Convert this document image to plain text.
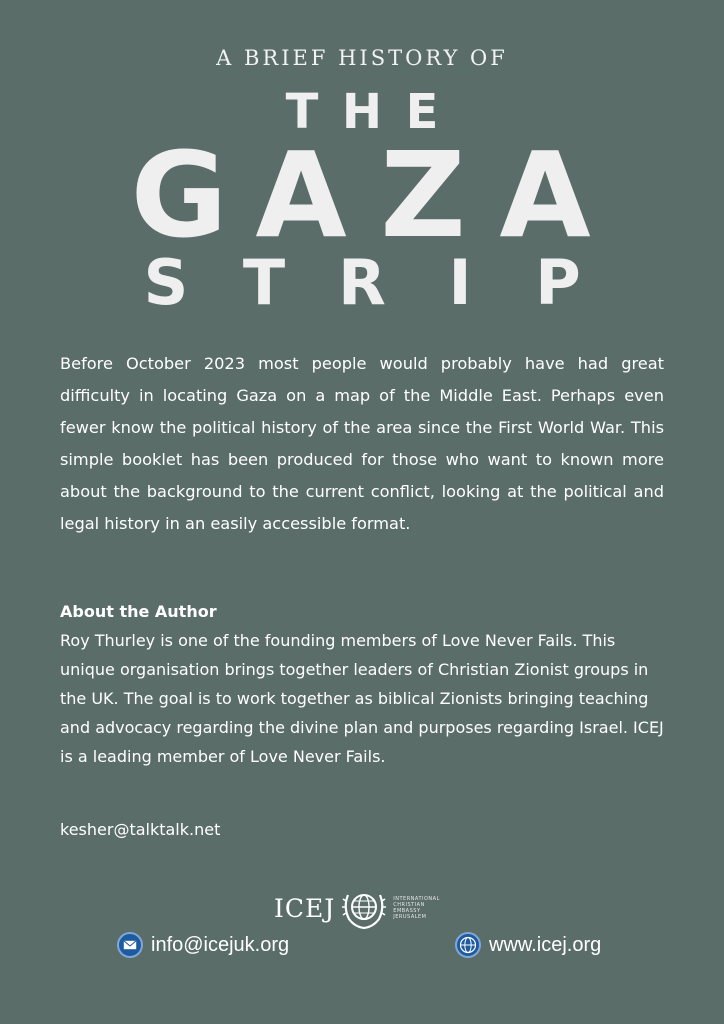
A BRIEF HISTORY OF
T H E
G A Z A
S T R	I	P

Before October 2023 most people would probably have had great difficulty in locating Gaza on a map of the Middle East. Perhaps even fewer know the political history of the area since the First World War. This simple booklet has been produced for those who want to known more about the background to the current conflict, looking at the political and legal history in an easily accessible format.

About the Author

Roy Thurley is one of the founding members of Love Never Fails. This unique organisation brings together leaders of Christian Zionist groups in the UK. The goal is to work together as biblical Zionists bringing teaching and advocacy regarding the divine plan and purposes regarding Israel. ICEJ is a leading member of Love Never Fails.

kesher@talktalk.net
ICEJ	INTERNATIONAL
CHRISTIAN
EMBASSY
JERUSALEM
info@icejuk.org	www.icej.org
